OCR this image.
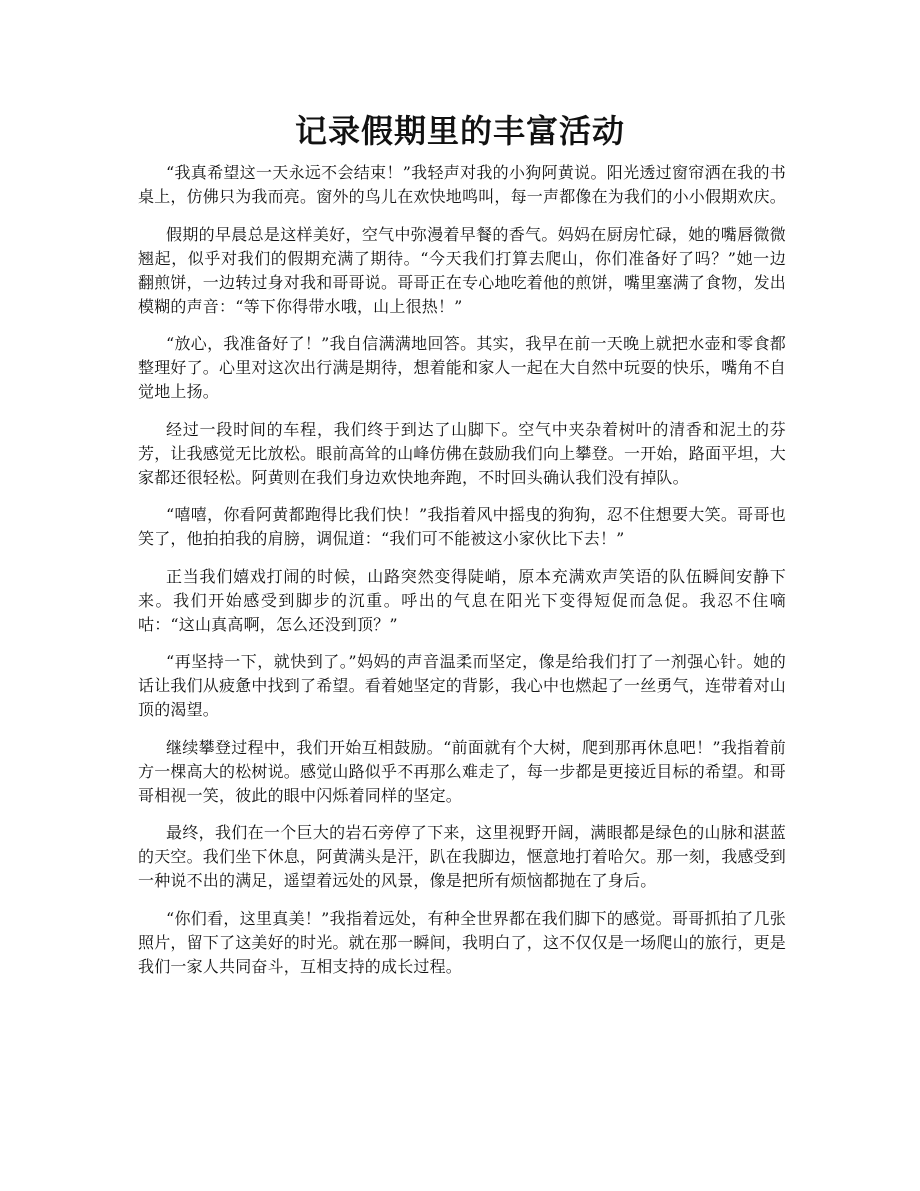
记录假期里的丰富活动

“我真希望这一天永远不会结束！”我轻声对我的小狗阿黄说。阳光透过窗帘洒在我的书桌上，仿佛只为我而亮。窗外的鸟儿在欢快地鸣叫，每一声都像在为我们的小小假期欢庆。

假期的早晨总是这样美好，空气中弥漫着早餐的香气。妈妈在厨房忙碌，她的嘴唇微微翘起，似乎对我们的假期充满了期待。“今天我们打算去爬山，你们准备好了吗？”她一边翻煎饼，一边转过身对我和哥哥说。哥哥正在专心地吃着他的煎饼，嘴里塞满了食物，发出模糊的声音：“等下你得带水哦，山上很热！”

“放心，我准备好了！”我自信满满地回答。其实，我早在前一天晚上就把水壶和零食都整理好了。心里对这次出行满是期待，想着能和家人一起在大自然中玩耍的快乐，嘴角不自觉地上扬。

经过一段时间的车程，我们终于到达了山脚下。空气中夹杂着树叶的清香和泥土的芬芳，让我感觉无比放松。眼前高耸的山峰仿佛在鼓励我们向上攀登。一开始，路面平坦，大家都还很轻松。阿黄则在我们身边欢快地奔跑，不时回头确认我们没有掉队。

“嘻嘻，你看阿黄都跑得比我们快！”我指着风中摇曳的狗狗，忍不住想要大笑。哥哥也笑了，他拍拍我的肩膀，调侃道：“我们可不能被这小家伙比下去！”

正当我们嬉戏打闹的时候，山路突然变得陡峭，原本充满欢声笑语的队伍瞬间安静下来。我们开始感受到脚步的沉重。呼出的气息在阳光下变得短促而急促。我忍不住嘀咕：“这山真高啊，怎么还没到顶？”

“再坚持一下，就快到了。”妈妈的声音温柔而坚定，像是给我们打了一剂强心针。她的话让我们从疲惫中找到了希望。看着她坚定的背影，我心中也燃起了一丝勇气，连带着对山顶的渴望。

继续攀登过程中，我们开始互相鼓励。“前面就有个大树，爬到那再休息吧！”我指着前方一棵高大的松树说。感觉山路似乎不再那么难走了，每一步都是更接近目标的希望。和哥哥相视一笑，彼此的眼中闪烁着同样的坚定。

最终，我们在一个巨大的岩石旁停了下来，这里视野开阔，满眼都是绿色的山脉和湛蓝的天空。我们坐下休息，阿黄满头是汗，趴在我脚边，惬意地打着哈欠。那一刻，我感受到一种说不出的满足，遥望着远处的风景，像是把所有烦恼都抛在了身后。

“你们看，这里真美！”我指着远处，有种全世界都在我们脚下的感觉。哥哥抓拍了几张照片，留下了这美好的时光。就在那一瞬间，我明白了，这不仅仅是一场爬山的旅行，更是我们一家人共同奋斗，互相支持的成长过程。
